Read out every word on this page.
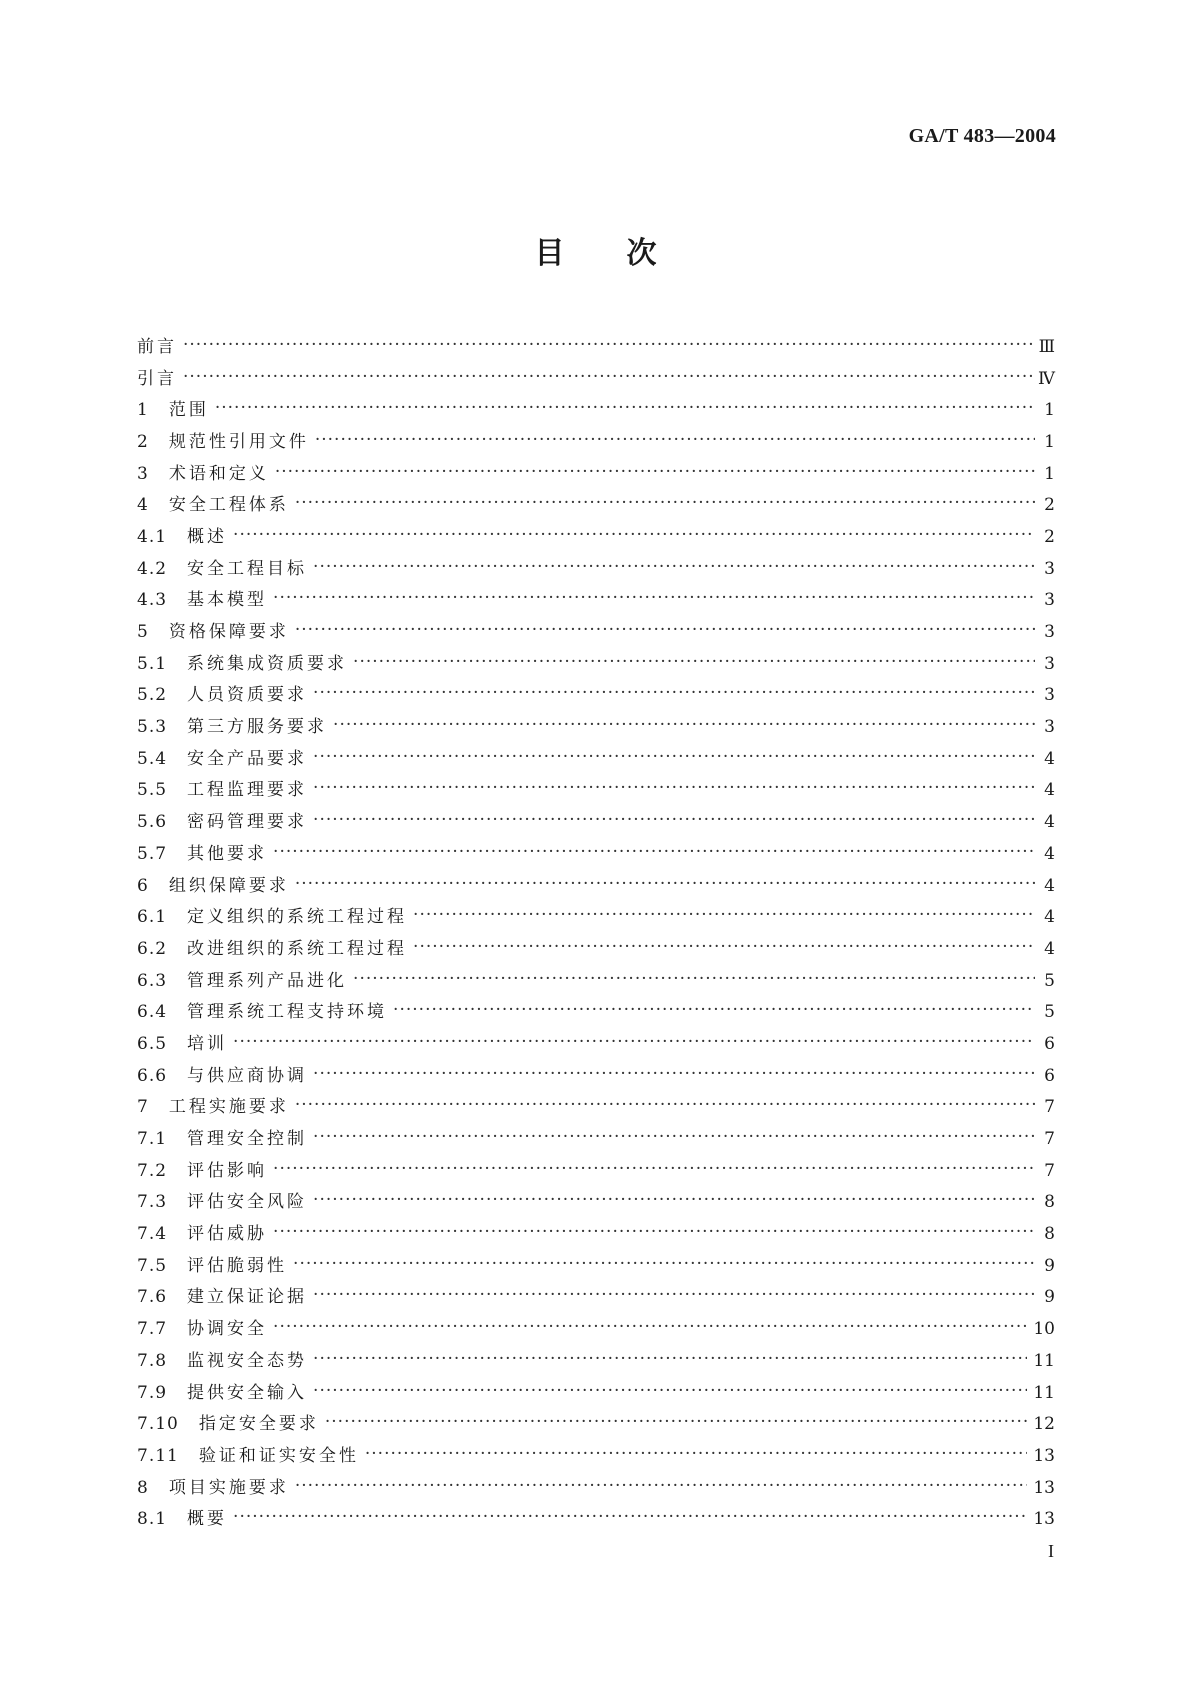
GA/T 483—2004
目次
前言 ·····	Ⅲ
引言 ·····	Ⅳ
1 范围 ·····	1
2 规范性引用文件 ·····	1
3 术语和定义 ·····	1
4 安全工程体系 ·····	2
4.1 概述 ·····	2
4.2 安全工程目标 ·····	3
4.3 基本模型 ·····	3
5 资格保障要求 ·····	3
5.1 系统集成资质要求 ·····	3
5.2 人员资质要求 ·····	3
5.3 第三方服务要求 ·····	3
5.4 安全产品要求 ·····	4
5.5 工程监理要求 ·····	4
5.6 密码管理要求 ·····	4
5.7 其他要求 ·····	4
6 组织保障要求 ·····	4
6.1 定义组织的系统工程过程 ·····	4
6.2 改进组织的系统工程过程 ·····	4
6.3 管理系列产品进化 ·····	5
6.4 管理系统工程支持环境 ·····	5
6.5 培训 ·····	6
6.6 与供应商协调 ·····	6
7 工程实施要求 ·····	7
7.1 管理安全控制 ·····	7
7.2 评估影响 ·····	7
7.3 评估安全风险 ·····	8
7.4 评估威胁 ·····	8
7.5 评估脆弱性 ·····	9
7.6 建立保证论据 ·····	9
7.7 协调安全 ·····	10
7.8 监视安全态势 ·····	11
7.9 提供安全输入 ·····	11
7.10 指定安全要求 ·····	12
7.11 验证和证实安全性 ·····	13
8 项目实施要求 ·····	13
8.1 概要 ·····	13
I
